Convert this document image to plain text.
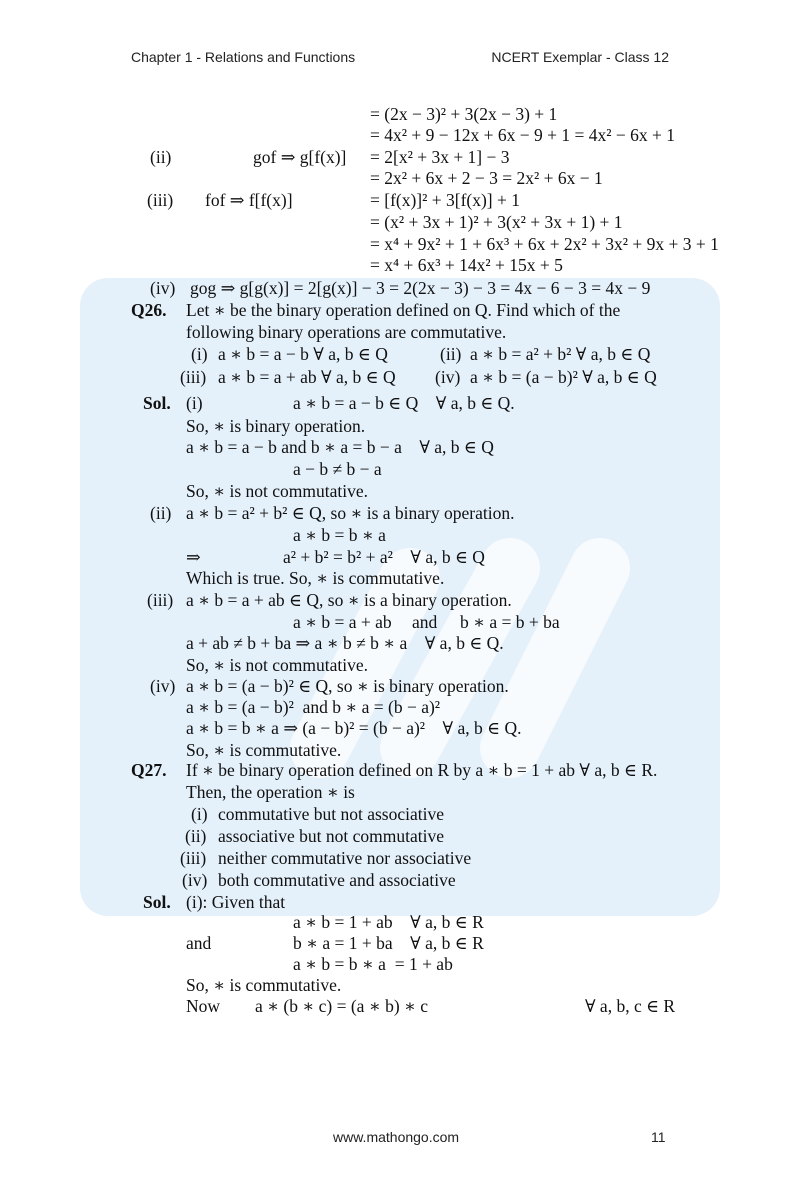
Chapter 1 - Relations and Functions	NCERT Exemplar - Class 12
= (2x − 3)² + 3(2x − 3) + 1
= 4x² + 9 − 12x + 6x − 9 + 1 = 4x² − 6x + 1
(ii)	gof ⇒ g[f(x)] = 2[x² + 3x + 1] − 3
= 2x² + 6x + 2 − 3 = 2x² + 6x − 1
(iii) fof ⇒ f[f(x)]	= [f(x)]² + 3[f(x)] + 1
= (x² + 3x + 1)² + 3(x² + 3x + 1) + 1
= x⁴ + 9x² + 1 + 6x³ + 6x + 2x² + 3x² + 9x + 3 + 1
= x⁴ + 6x³ + 14x² + 15x + 5
(iv) gog ⇒ g[g(x)] = 2[g(x)] − 3 = 2(2x − 3) − 3 = 4x − 6 − 3 = 4x − 9
Q26. Let ∗ be the binary operation defined on Q. Find which of the
following binary operations are commutative.
(i) a ∗ b = a − b ∀ a, b ∈ Q	(ii) a ∗ b = a² + b² ∀ a, b ∈ Q
(iii) a ∗ b = a + ab ∀ a, b ∈ Q (iv) a ∗ b = (a − b)² ∀ a, b ∈ Q
Sol. (i)	a ∗ b = a − b ∈ Q    ∀ a, b ∈ Q.
So, ∗ is binary operation.
a ∗ b = a − b and b ∗ a = b − a    ∀ a, b ∈ Q
a − b ≠ b − a
So, ∗ is not commutative.
(ii) a ∗ b = a² + b² ∈ Q, so ∗ is a binary operation.
a ∗ b = b ∗ a
⇒	a² + b² = b² + a²    ∀ a, b ∈ Q
Which is true. So, ∗ is commutative.
(iii) a ∗ b = a + ab ∈ Q, so ∗ is a binary operation.
a ∗ b = a + ab and b ∗ a = b + ba
a + ab ≠ b + ba ⇒ a ∗ b ≠ b ∗ a    ∀ a, b ∈ Q.
So, ∗ is not commutative.
(iv) a ∗ b = (a − b)² ∈ Q, so ∗ is binary operation.
a ∗ b = (a − b)²  and b ∗ a = (b − a)²
a ∗ b = b ∗ a ⇒ (a − b)² = (b − a)²    ∀ a, b ∈ Q.
So, ∗ is commutative.
Q27. If ∗ be binary operation defined on R by a ∗ b = 1 + ab ∀ a, b ∈ R.
Then, the operation ∗ is
(i) commutative but not associative
(ii) associative but not commutative
(iii) neither commutative nor associative
(iv) both commutative and associative
Sol. (i): Given that
a ∗ b = 1 + ab    ∀ a, b ∈ R
and	b ∗ a = 1 + ba    ∀ a, b ∈ R
a ∗ b = b ∗ a  = 1 + ab
So, ∗ is commutative.
Now a ∗ (b ∗ c) = (a ∗ b) ∗ c	∀ a, b, c ∈ R
www.mathongo.com	11
